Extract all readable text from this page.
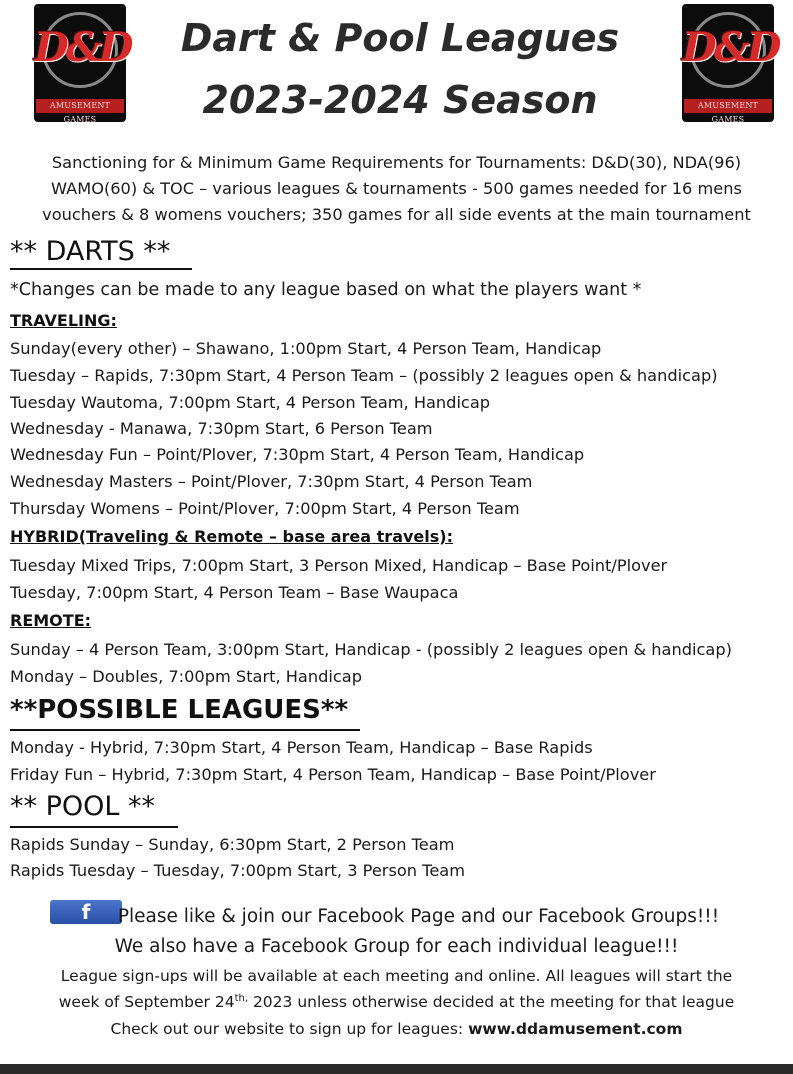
D&D
AMUSEMENT GAMES
D&D
AMUSEMENT GAMES
Dart & Pool Leagues
2023-2024 Season
Sanctioning for & Minimum Game Requirements for Tournaments: D&D(30), NDA(96)
WAMO(60) & TOC – various leagues & tournaments - 500 games needed for 16 mens
vouchers & 8 womens vouchers; 350 games for all side events at the main tournament
** DARTS **
*Changes can be made to any league based on what the players want *
TRAVELING:
Sunday(every other) – Shawano, 1:00pm Start, 4 Person Team, Handicap
Tuesday – Rapids, 7:30pm Start, 4 Person Team – (possibly 2 leagues open & handicap)
Tuesday Wautoma, 7:00pm Start, 4 Person Team, Handicap
Wednesday - Manawa, 7:30pm Start, 6 Person Team
Wednesday Fun – Point/Plover, 7:30pm Start, 4 Person Team, Handicap
Wednesday Masters – Point/Plover, 7:30pm Start, 4 Person Team
Thursday Womens – Point/Plover, 7:00pm Start, 4 Person Team
HYBRID(Traveling & Remote – base area travels):
Tuesday Mixed Trips, 7:00pm Start, 3 Person Mixed, Handicap – Base Point/Plover
Tuesday, 7:00pm Start, 4 Person Team – Base Waupaca
REMOTE:
Sunday – 4 Person Team, 3:00pm Start, Handicap - (possibly 2 leagues open & handicap)
Monday – Doubles, 7:00pm Start, Handicap
**POSSIBLE LEAGUES**
Monday - Hybrid, 7:30pm Start, 4 Person Team, Handicap – Base Rapids
Friday Fun – Hybrid, 7:30pm Start, 4 Person Team, Handicap – Base Point/Plover
** POOL **
Rapids Sunday – Sunday, 6:30pm Start, 2 Person Team
Rapids Tuesday – Tuesday, 7:00pm Start, 3 Person Team
f	Please like & join our Facebook Page and our Facebook Groups!!!
We also have a Facebook Group for each individual league!!!
League sign-ups will be available at each meeting and online. All leagues will start the
week of September $24^{th,}$ 2023 unless otherwise decided at the meeting for that league
Check out our website to sign up for leagues: www.ddamusement.com
